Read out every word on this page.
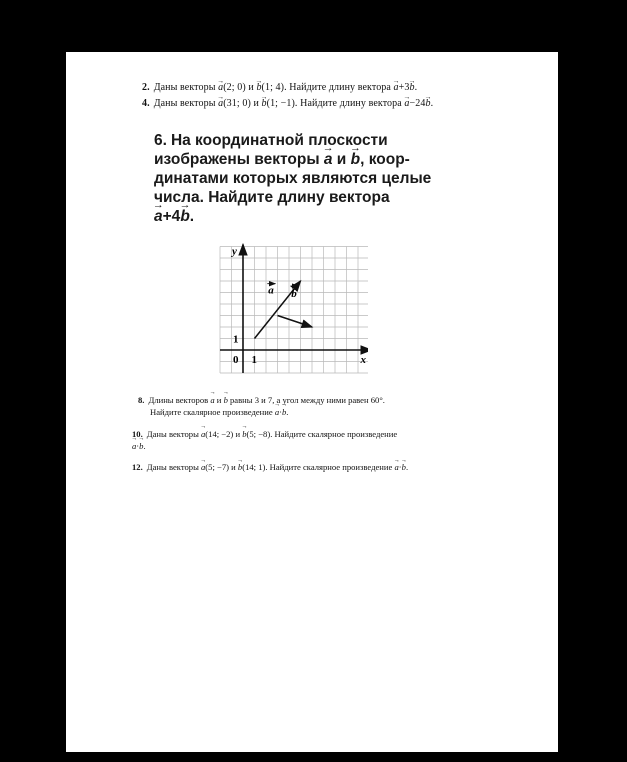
2. Даны векторы → a(2; 0) и → b(1; 4). Найдите длину вектора → a+3→ b.
4. Даны векторы → a(31; 0) и → b(1; −1). Найдите длину вектора → a−24→ b.
6. На координатной плоскости
изображены векторы → a и → b, коор-
динатами которых являются целые
числа. Найдите длину вектора
→ a+4→ b.
y
x
0 1
1
a b
8. Длины векторов → a и → b равны 3 и 7, а угол между ними равен 60°.
Найдите скалярное произведение → a·→ b.
10. Даны векторы → a(14; −2) и → b(5; −8). Найдите скалярное произведение
→ a·→ b.
12. Даны векторы → a(5; −7) и → b(14; 1). Найдите скалярное произведение → a·→ b.
